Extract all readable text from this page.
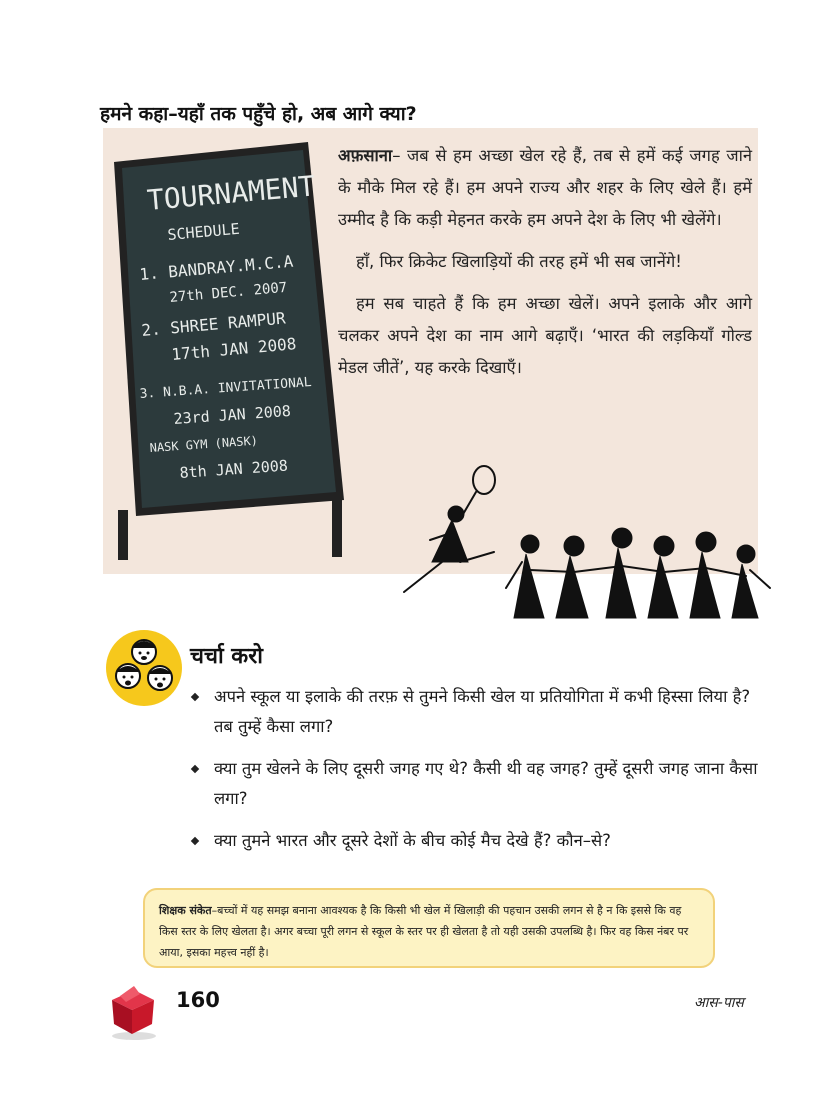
हमने कहा–यहाँ तक पहुँचे हो, अब आगे क्या?
TOURNAMENT
SCHEDULE
1. BANDRAY.M.C.A
27th DEC. 2007
2. SHREE RAMPUR
17th JAN 2008
3. N.B.A. INVITATIONAL
23rd JAN 2008
NASK GYM (NASK)
8th JAN 2008

अफ़साना– जब से हम अच्छा खेल रहे हैं, तब से हमें कई जगह जाने के मौके मिल रहे हैं। हम अपने राज्य और शहर के लिए खेले हैं। हमें उम्मीद है कि कड़ी मेहनत करके हम अपने देश के लिए भी खेलेंगे।

हाँ, फिर क्रिकेट खिलाड़ियों की तरह हमें भी सब जानेंगे!

हम सब चाहते हैं कि हम अच्छा खेलें। अपने इलाके और आगे चलकर अपने देश का नाम आगे बढ़ाएँ। ‘भारत की लड़कियाँ गोल्ड मेडल जीतें’, यह करके दिखाएँ।

चर्चा करो
अपने स्कूल या इलाके की तरफ़ से तुमने किसी खेल या प्रतियोगिता में कभी हिस्सा लिया है? तब तुम्हें कैसा लगा?
क्या तुम खेलने के लिए दूसरी जगह गए थे? कैसी थी वह जगह? तुम्हें दूसरी जगह जाना कैसा लगा?
क्या तुमने भारत और दूसरे देशों के बीच कोई मैच देखे हैं? कौन–से?
शिक्षक संकेत–बच्चों में यह समझ बनाना आवश्यक है कि किसी भी खेल में खिलाड़ी की पहचान उसकी लगन से है न कि इससे कि वह किस स्तर के लिए खेलता है। अगर बच्चा पूरी लगन से स्कूल के स्तर पर ही खेलता है तो यही उसकी उपलब्धि है। फिर वह किस नंबर पर आया, इसका महत्त्व नहीं है।
160	आस-पास
